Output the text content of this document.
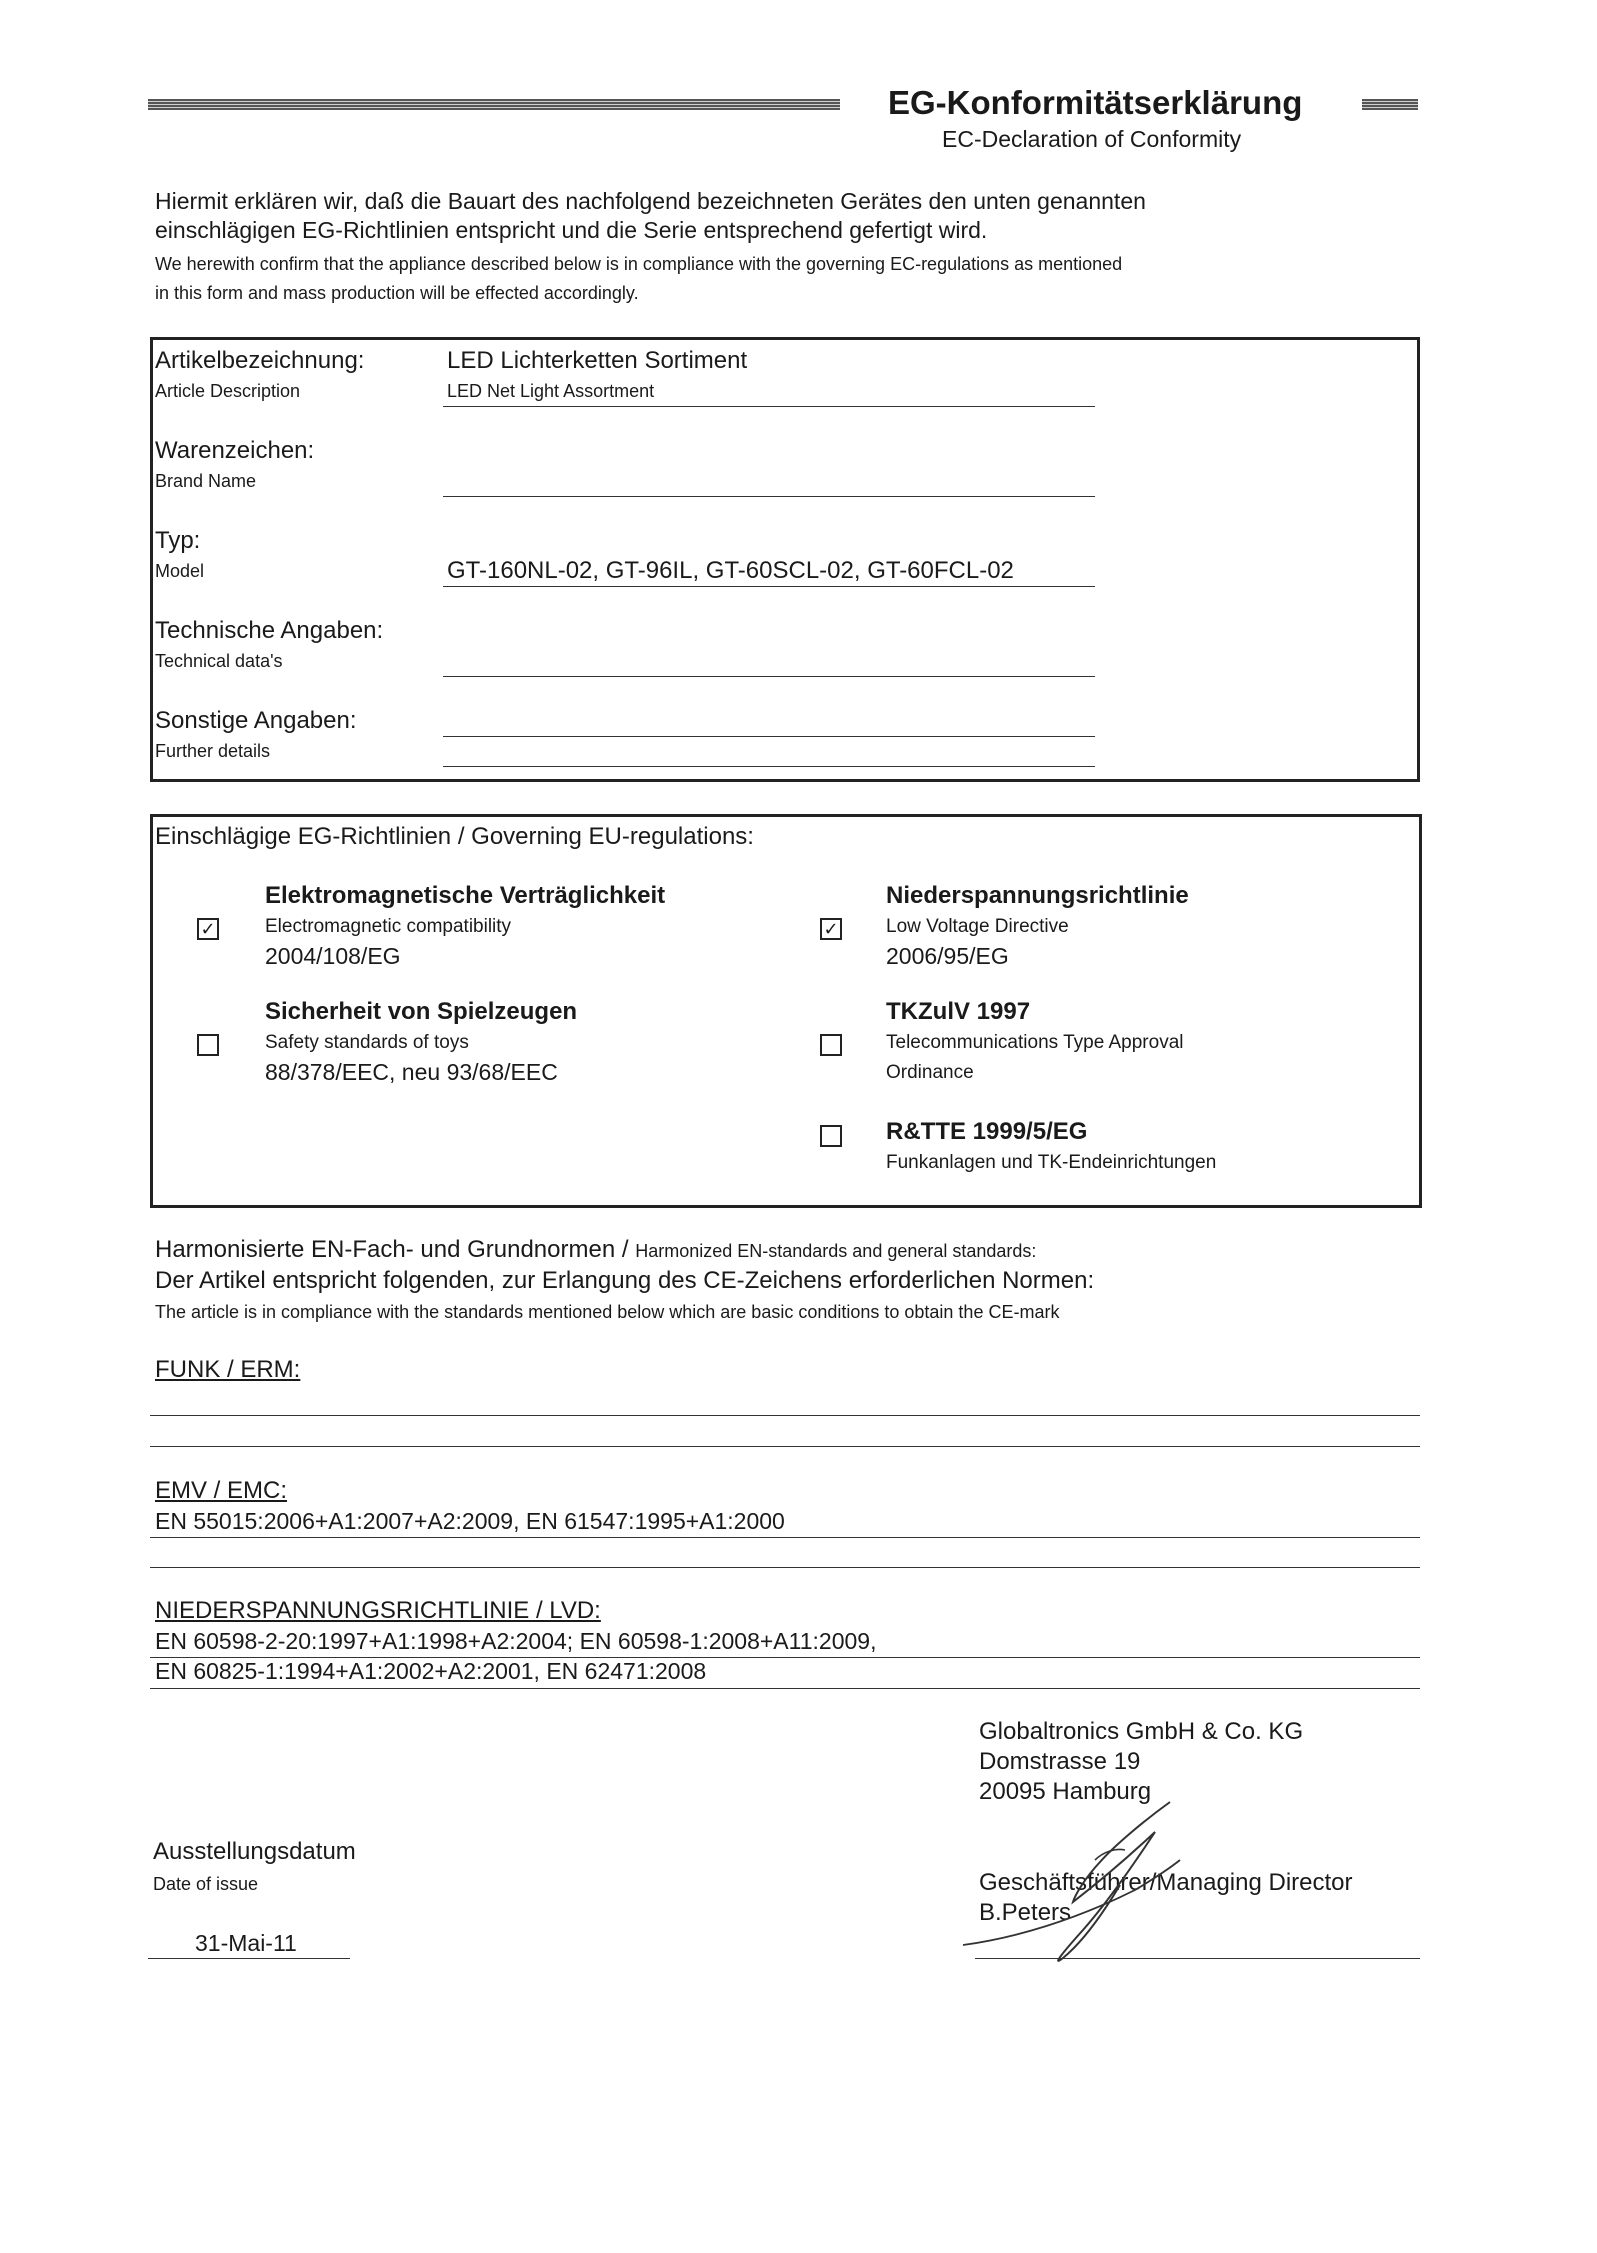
EG-Konformitätserklärung
EC-Declaration of Conformity
Hiermit erklären wir, daß die Bauart des nachfolgend bezeichneten Gerätes den unten genannten
einschlägigen EG-Richtlinien entspricht und die Serie entsprechend gefertigt wird.
We herewith confirm that the appliance described below is in compliance with the governing EC-regulations as mentioned
in this form and mass production will be effected accordingly.
Artikelbezeichnung:
Article Description
LED Lichterketten Sortiment
LED Net Light Assortment
Warenzeichen:
Brand Name
Typ:
Model	GT-160NL-02, GT-96IL, GT-60SCL-02, GT-60FCL-02
Technische Angaben:
Technical data's
Sonstige Angaben:
Further details
Einschlägige EG-Richtlinien / Governing EU-regulations:
Elektromagnetische Verträglichkeit
✓	Electromagnetic compatibility
2004/108/EG
Niederspannungsrichtlinie
✓ Low Voltage Directive
2006/95/EG
Sicherheit von Spielzeugen
Safety standards of toys
88/378/EEC, neu 93/68/EEC
TKZulV 1997
Telecommunications Type Approval
Ordinance
R&TTE 1999/5/EG
Funkanlagen und TK-Endeinrichtungen
Harmonisierte EN-Fach- und Grundnormen / Harmonized EN-standards and general standards:
Der Artikel entspricht folgenden, zur Erlangung des CE-Zeichens erforderlichen Normen:
The article is in compliance with the standards mentioned below which are basic conditions to obtain the CE-mark
FUNK / ERM:
EMV / EMC:
EN 55015:2006+A1:2007+A2:2009, EN 61547:1995+A1:2000
NIEDERSPANNUNGSRICHTLINIE / LVD:
EN 60598-2-20:1997+A1:1998+A2:2004; EN 60598-1:2008+A11:2009,
EN 60825-1:1994+A1:2002+A2:2001, EN 62471:2008
Globaltronics GmbH & Co. KG
Domstrasse 19
20095 Hamburg
Ausstellungsdatum
Date of issue
31-Mai-11
Geschäftsführer/Managing Director
B.Peters
